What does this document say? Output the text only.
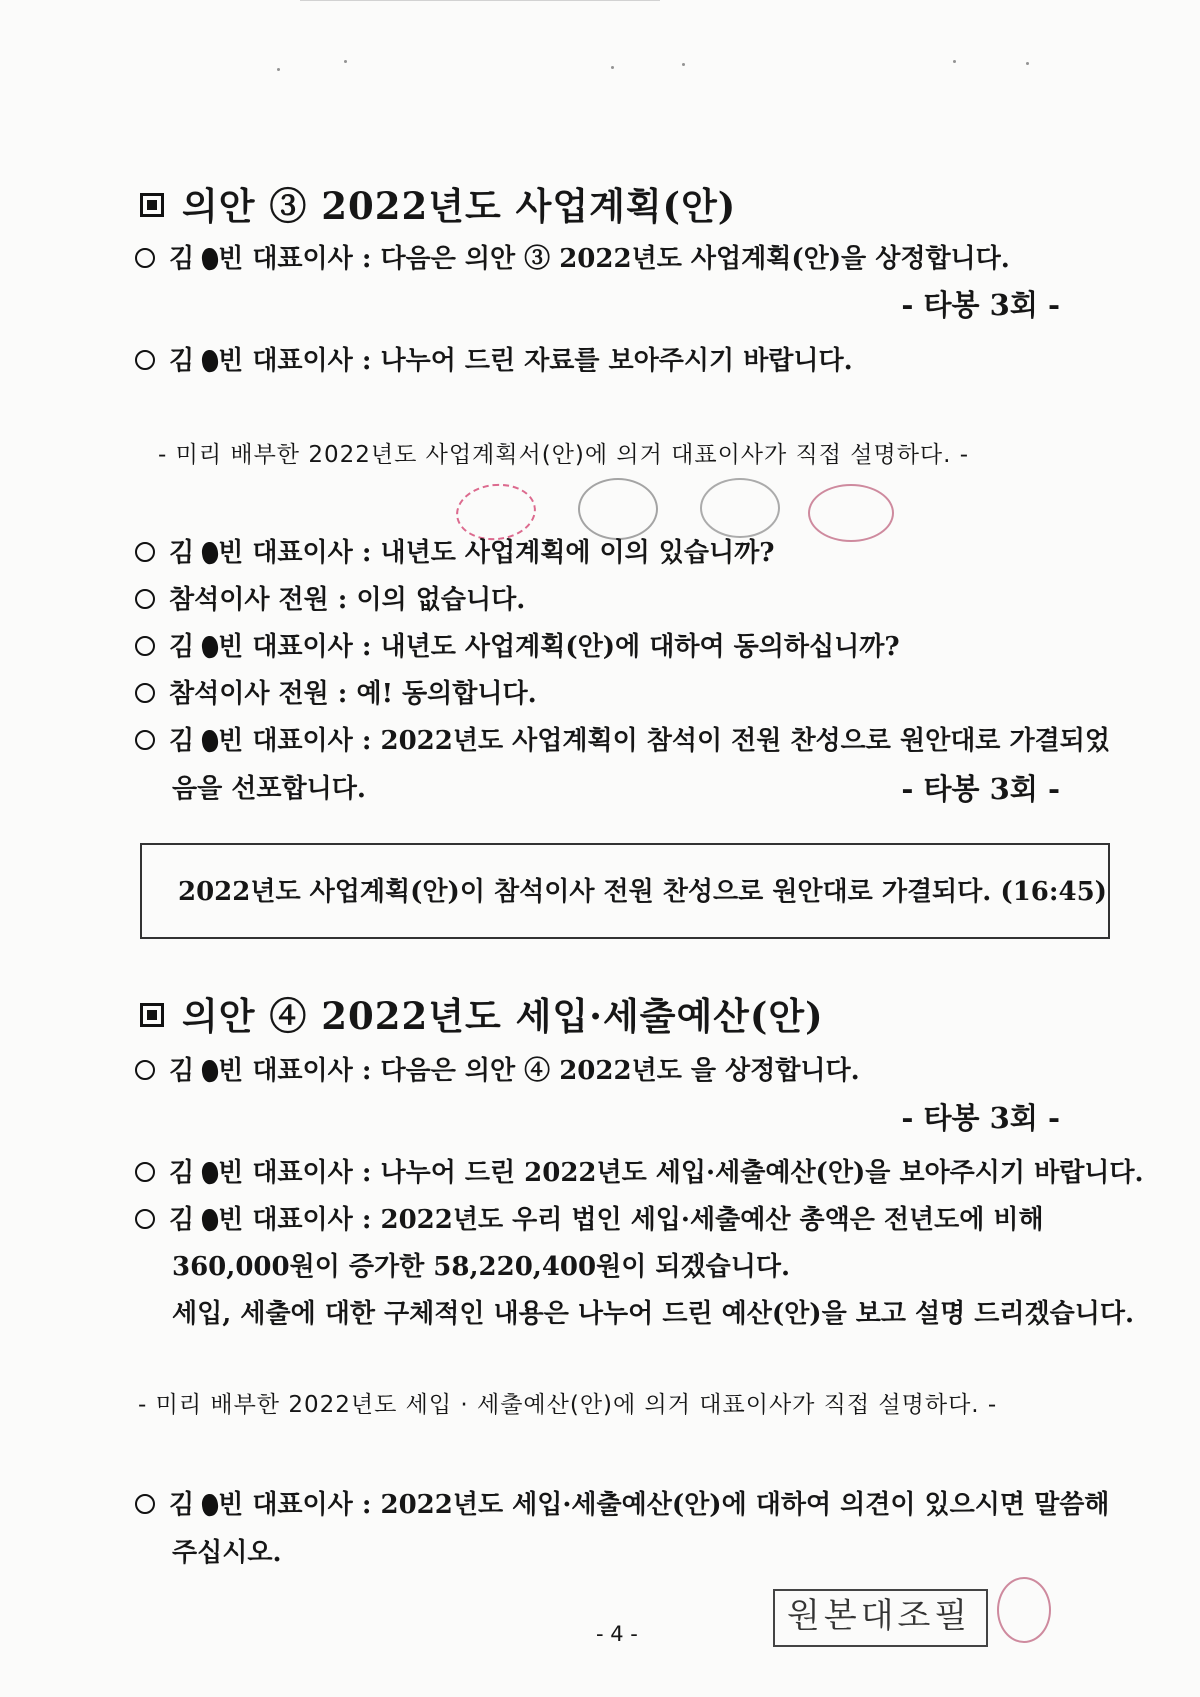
의안 ③ 2022년도 사업계획(안)
김 빈 대표이사 : 다음은 의안 ③ 2022년도 사업계획(안)을 상정합니다.
- 타봉 3회 -
김 빈 대표이사 : 나누어 드린 자료를 보아주시기 바랍니다.
- 미리 배부한 2022년도 사업계획서(안)에 의거 대표이사가 직접 설명하다. -
김 빈 대표이사 : 내년도 사업계획에 이의 있습니까?
참석이사 전원 : 이의 없습니다.
김 빈 대표이사 : 내년도 사업계획(안)에 대하여 동의하십니까?
참석이사 전원 : 예! 동의합니다.
김 빈 대표이사 : 2022년도 사업계획이 참석이 전원 찬성으로 원안대로 가결되었
음을 선포합니다.	- 타봉 3회 -
2022년도 사업계획(안)이 참석이사 전원 찬성으로 원안대로 가결되다. (16:45)
의안 ④ 2022년도 세입·세출예산(안)
김 빈 대표이사 : 다음은 의안 ④ 2022년도 을 상정합니다.
- 타봉 3회 -
김 빈 대표이사 : 나누어 드린 2022년도 세입·세출예산(안)을 보아주시기 바랍니다.
김 빈 대표이사 : 2022년도 우리 법인 세입·세출예산 총액은 전년도에 비해
360,000원이 증가한 58,220,400원이 되겠습니다.
세입, 세출에 대한 구체적인 내용은 나누어 드린 예산(안)을 보고 설명 드리겠습니다.
- 미리 배부한 2022년도 세입 · 세출예산(안)에 의거 대표이사가 직접 설명하다. -
김 빈 대표이사 : 2022년도 세입·세출예산(안)에 대하여 의견이 있으시면 말씀해
주십시오.
- 4 -	원본대조필
